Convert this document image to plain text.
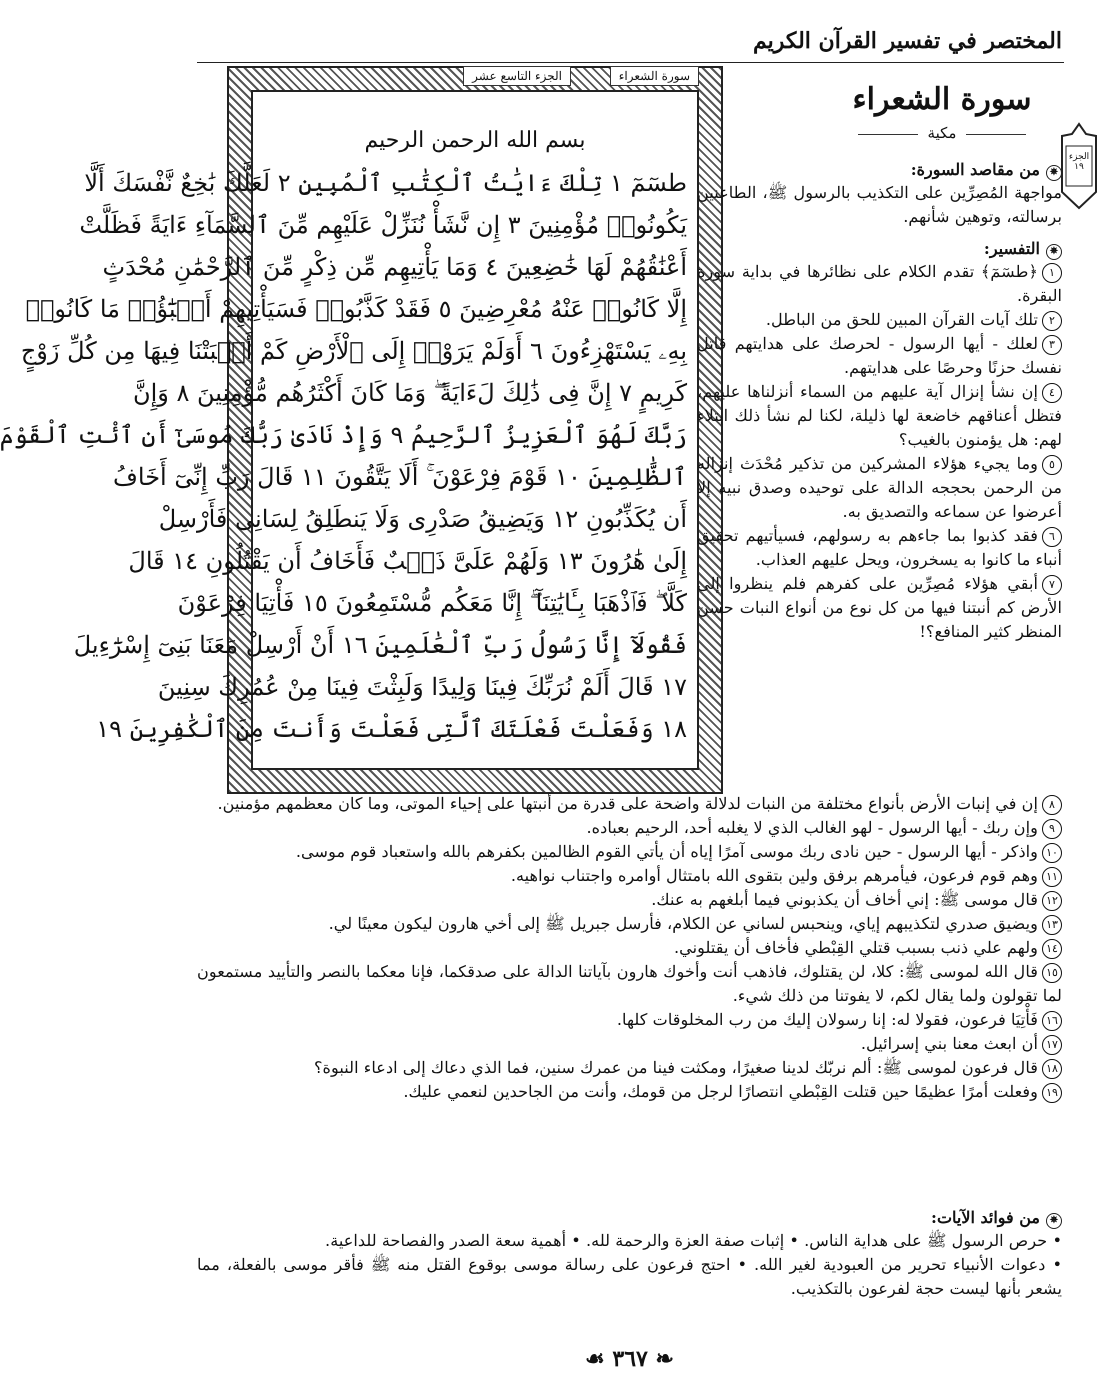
المختصر في تفسير القرآن الكريم
الجزء ١٩
سورة الشعراء
الجزء التاسع عشر
بسم الله الرحمن الرحيم
طسٓمٓ ١ تِلْكَ ءَايَٰتُ ٱلْكِتَٰبِ ٱلْمُبِينِ ٢ لَعَلَّكَ بَٰخِعٌ نَّفْسَكَ أَلَّا
يَكُونُوا۟ مُؤْمِنِينَ ٣ إِن نَّشَأْ نُنَزِّلْ عَلَيْهِم مِّنَ ٱلسَّمَآءِ ءَايَةً فَظَلَّتْ
أَعْنَٰقُهُمْ لَهَا خَٰضِعِينَ ٤ وَمَا يَأْتِيهِم مِّن ذِكْرٍ مِّنَ ٱلرَّحْمَٰنِ مُحْدَثٍ
إِلَّا كَانُوا۟ عَنْهُ مُعْرِضِينَ ٥ فَقَدْ كَذَّبُوا۟ فَسَيَأْتِيهِمْ أَنۢبَٰٓؤُا۟ مَا كَانُوا۟
بِهِۦ يَسْتَهْزِءُونَ ٦ أَوَلَمْ يَرَوْا۟ إِلَى ٱلْأَرْضِ كَمْ أَنۢبَتْنَا فِيهَا مِن كُلِّ زَوْجٍ
كَرِيمٍ ٧ إِنَّ فِى ذَٰلِكَ لَءَايَةً ۖ وَمَا كَانَ أَكْثَرُهُم مُّؤْمِنِينَ ٨ وَإِنَّ
رَبَّكَ لَهُوَ ٱلْعَزِيزُ ٱلرَّحِيمُ ٩ وَإِذْ نَادَىٰ رَبُّكَ مُوسَىٰٓ أَنِ ٱئْتِ ٱلْقَوْمَ
ٱلظَّٰلِمِينَ ١٠ قَوْمَ فِرْعَوْنَ ۚ أَلَا يَتَّقُونَ ١١ قَالَ رَبِّ إِنِّىٓ أَخَافُ
أَن يُكَذِّبُونِ ١٢ وَيَضِيقُ صَدْرِى وَلَا يَنطَلِقُ لِسَانِى فَأَرْسِلْ
إِلَىٰ هَٰرُونَ ١٣ وَلَهُمْ عَلَىَّ ذَنۢبٌ فَأَخَافُ أَن يَقْتُلُونِ ١٤ قَالَ
كَلَّا ۖ فَٱذْهَبَا بِـَٔايَٰتِنَآ ۖ إِنَّا مَعَكُم مُّسْتَمِعُونَ ١٥ فَأْتِيَا فِرْعَوْنَ
فَقُولَآ إِنَّا رَسُولُ رَبِّ ٱلْعَٰلَمِينَ ١٦ أَنْ أَرْسِلْ مَعَنَا بَنِىٓ إِسْرَٰٓءِيلَ
١٧ قَالَ أَلَمْ نُرَبِّكَ فِينَا وَلِيدًا وَلَبِثْتَ فِينَا مِنْ عُمُرِكَ سِنِينَ
١٨ وَفَعَلْتَ فَعْلَتَكَ ٱلَّتِى فَعَلْتَ وَأَنتَ مِنَ ٱلْكَٰفِرِينَ ١٩
سورة الشعراء
مكية
✵من مقاصد السورة:
مواجهة المُصِرِّين على التكذيب بالرسول ﷺ، الطاعنين برسالته، وتوهين شأنهم.
✵التفسير:
١﴿طسٓمٓ﴾ تقدم الكلام على نظائرها في بداية سورة البقرة.
٢تلك آيات القرآن المبين للحق من الباطل.
٣لعلك - أيها الرسول - لحرصك على هدايتهم قاتل نفسك حزنًا وحرصًا على هدايتهم.
٤إن نشأ إنزال آية عليهم من السماء أنزلناها عليهم، فتظل أعناقهم خاضعة لها ذليلة، لكنا لم نشأ ذلك ابتلاء لهم: هل يؤمنون بالغيب؟
٥وما يجيء هؤلاء المشركين من تذكير مُحْدَث إنزاله من الرحمن بحججه الدالة على توحيده وصدق نبيه إلا أعرضوا عن سماعه والتصديق به.
٦فقد كذبوا بما جاءهم به رسولهم، فسيأتيهم تحقيق أنباء ما كانوا به يسخرون، ويحل عليهم العذاب.
٧أبقي هؤلاء مُصِرِّين على كفرهم فلم ينظروا إلى الأرض كم أنبتنا فيها من كل نوع من أنواع النبات حسن المنظر كثير المنافع؟!
٨إن في إنبات الأرض بأنواع مختلفة من النبات لدلالة واضحة على قدرة من أنبتها على إحياء الموتى، وما كان معظمهم مؤمنين.
٩وإن ربك - أيها الرسول - لهو الغالب الذي لا يغلبه أحد، الرحيم بعباده.
١٠واذكر - أيها الرسول - حين نادى ربك موسى آمرًا إياه أن يأتي القوم الظالمين بكفرهم بالله واستعباد قوم موسى.
١١وهم قوم فرعون، فيأمرهم برفق ولين بتقوى الله بامتثال أوامره واجتناب نواهيه.
١٢قال موسى ﷺ: إني أخاف أن يكذبوني فيما أبلغهم به عنك.
١٣ويضيق صدري لتكذيبهم إياي، وينحبس لساني عن الكلام، فأرسل جبريل ﷺ إلى أخي هارون ليكون معينًا لي.
١٤ولهم علي ذنب بسبب قتلي القِبْطي فأخاف أن يقتلوني.
١٥قال الله لموسى ﷺ: كلا، لن يقتلوك، فاذهب أنت وأخوك هارون بآياتنا الدالة على صدقكما، فإنا معكما بالنصر والتأييد مستمعون لما تقولون ولما يقال لكم، لا يفوتنا من ذلك شيء.
١٦فَأْتِيَا فرعون، فقولا له: إنا رسولان إليك من رب المخلوقات كلها.
١٧أن ابعث معنا بني إسرائيل.
١٨قال فرعون لموسى ﷺ: ألم نربّك لدينا صغيرًا، ومكثت فينا من عمرك سنين، فما الذي دعاك إلى ادعاء النبوة؟
١٩وفعلت أمرًا عظيمًا حين قتلت القِبْطي انتصارًا لرجل من قومك، وأنت من الجاحدين لنعمي عليك.
✵من فوائد الآيات:
• حرص الرسول ﷺ على هداية الناس. • إثبات صفة العزة والرحمة لله. • أهمية سعة الصدر والفصاحة للداعية.
• دعوات الأنبياء تحرير من العبودية لغير الله. • احتج فرعون على رسالة موسى بوقوع القتل منه ﷺ فأقر موسى بالفعلة، مما يشعر بأنها ليست حجة لفرعون بالتكذيب.
❧ ٣٦٧ ☙
